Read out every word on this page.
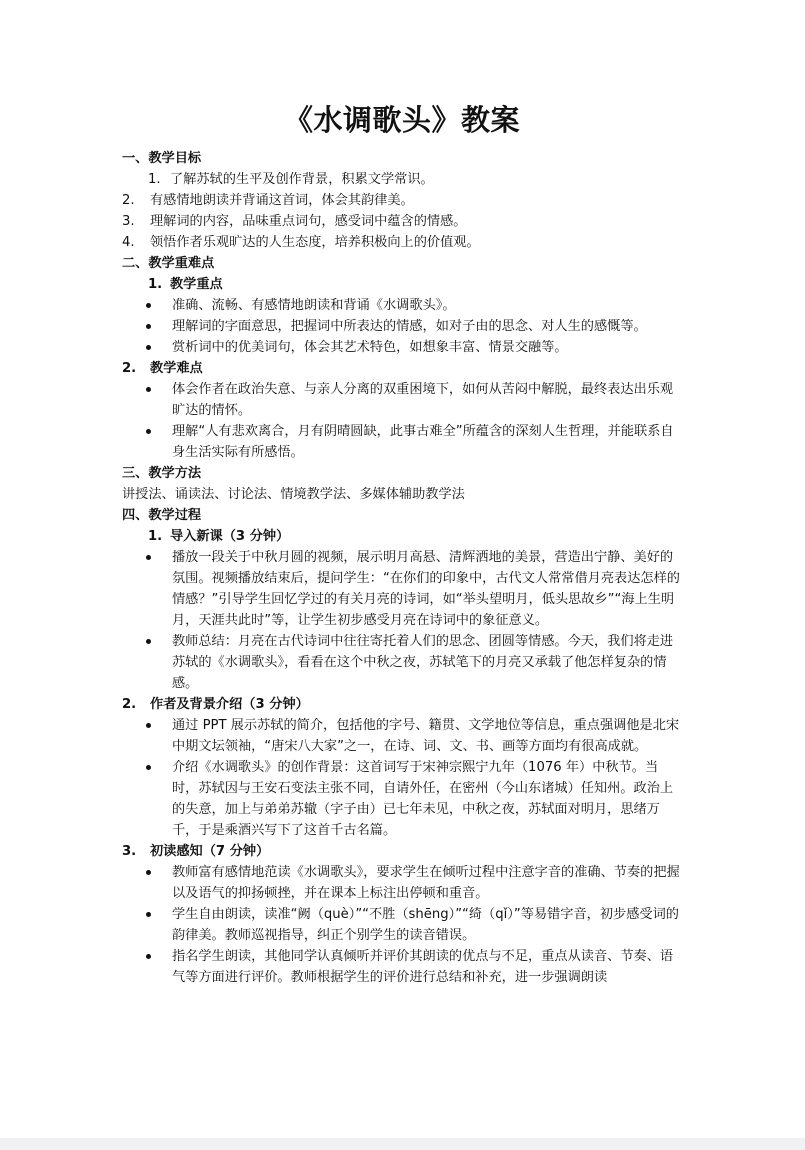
《水调歌头》教案

一、教学目标

1. 了解苏轼的生平及创作背景，积累文学常识。

2. 有感情地朗读并背诵这首词，体会其韵律美。

3. 理解词的内容，品味重点词句，感受词中蕴含的情感。

4. 领悟作者乐观旷达的人生态度，培养积极向上的价值观。

二、教学重难点

1. 教学重点

准确、流畅、有感情地朗读和背诵《水调歌头》。

理解词的字面意思，把握词中所表达的情感，如对子由的思念、对人生的感慨等。

赏析词中的优美词句，体会其艺术特色，如想象丰富、情景交融等。

2. 教学难点

体会作者在政治失意、与亲人分离的双重困境下，如何从苦闷中解脱，最终表达出乐观旷达的情怀。

理解“人有悲欢离合，月有阴晴圆缺，此事古难全”所蕴含的深刻人生哲理，并能联系自身生活实际有所感悟。

三、教学方法

讲授法、诵读法、讨论法、情境教学法、多媒体辅助教学法

四、教学过程

1. 导入新课（3 分钟）

播放一段关于中秋月圆的视频，展示明月高悬、清辉洒地的美景，营造出宁静、美好的氛围。视频播放结束后，提问学生：“在你们的印象中，古代文人常常借月亮表达怎样的情感？”引导学生回忆学过的有关月亮的诗词，如“举头望明月，低头思故乡”“海上生明月，天涯共此时”等，让学生初步感受月亮在诗词中的象征意义。

教师总结：月亮在古代诗词中往往寄托着人们的思念、团圆等情感。今天，我们将走进苏轼的《水调歌头》，看看在这个中秋之夜，苏轼笔下的月亮又承载了他怎样复杂的情感。

2. 作者及背景介绍（3 分钟）

通过 PPT 展示苏轼的简介，包括他的字号、籍贯、文学地位等信息，重点强调他是北宋中期文坛领袖，“唐宋八大家”之一，在诗、词、文、书、画等方面均有很高成就。

介绍《水调歌头》的创作背景：这首词写于宋神宗熙宁九年（1076 年）中秋节。当时，苏轼因与王安石变法主张不同，自请外任，在密州（今山东诸城）任知州。政治上的失意，加上与弟弟苏辙（字子由）已七年未见，中秋之夜，苏轼面对明月，思绪万千，于是乘酒兴写下了这首千古名篇。

3. 初读感知（7 分钟）

教师富有感情地范读《水调歌头》，要求学生在倾听过程中注意字音的准确、节奏的把握以及语气的抑扬顿挫，并在课本上标注出停顿和重音。

学生自由朗读，读准“阙（què）”“不胜（shēng）”“绮（qǐ）”等易错字音，初步感受词的韵律美。教师巡视指导，纠正个别学生的读音错误。

指名学生朗读，其他同学认真倾听并评价其朗读的优点与不足，重点从读音、节奏、语气等方面进行评价。教师根据学生的评价进行总结和补充，进一步强调朗读
